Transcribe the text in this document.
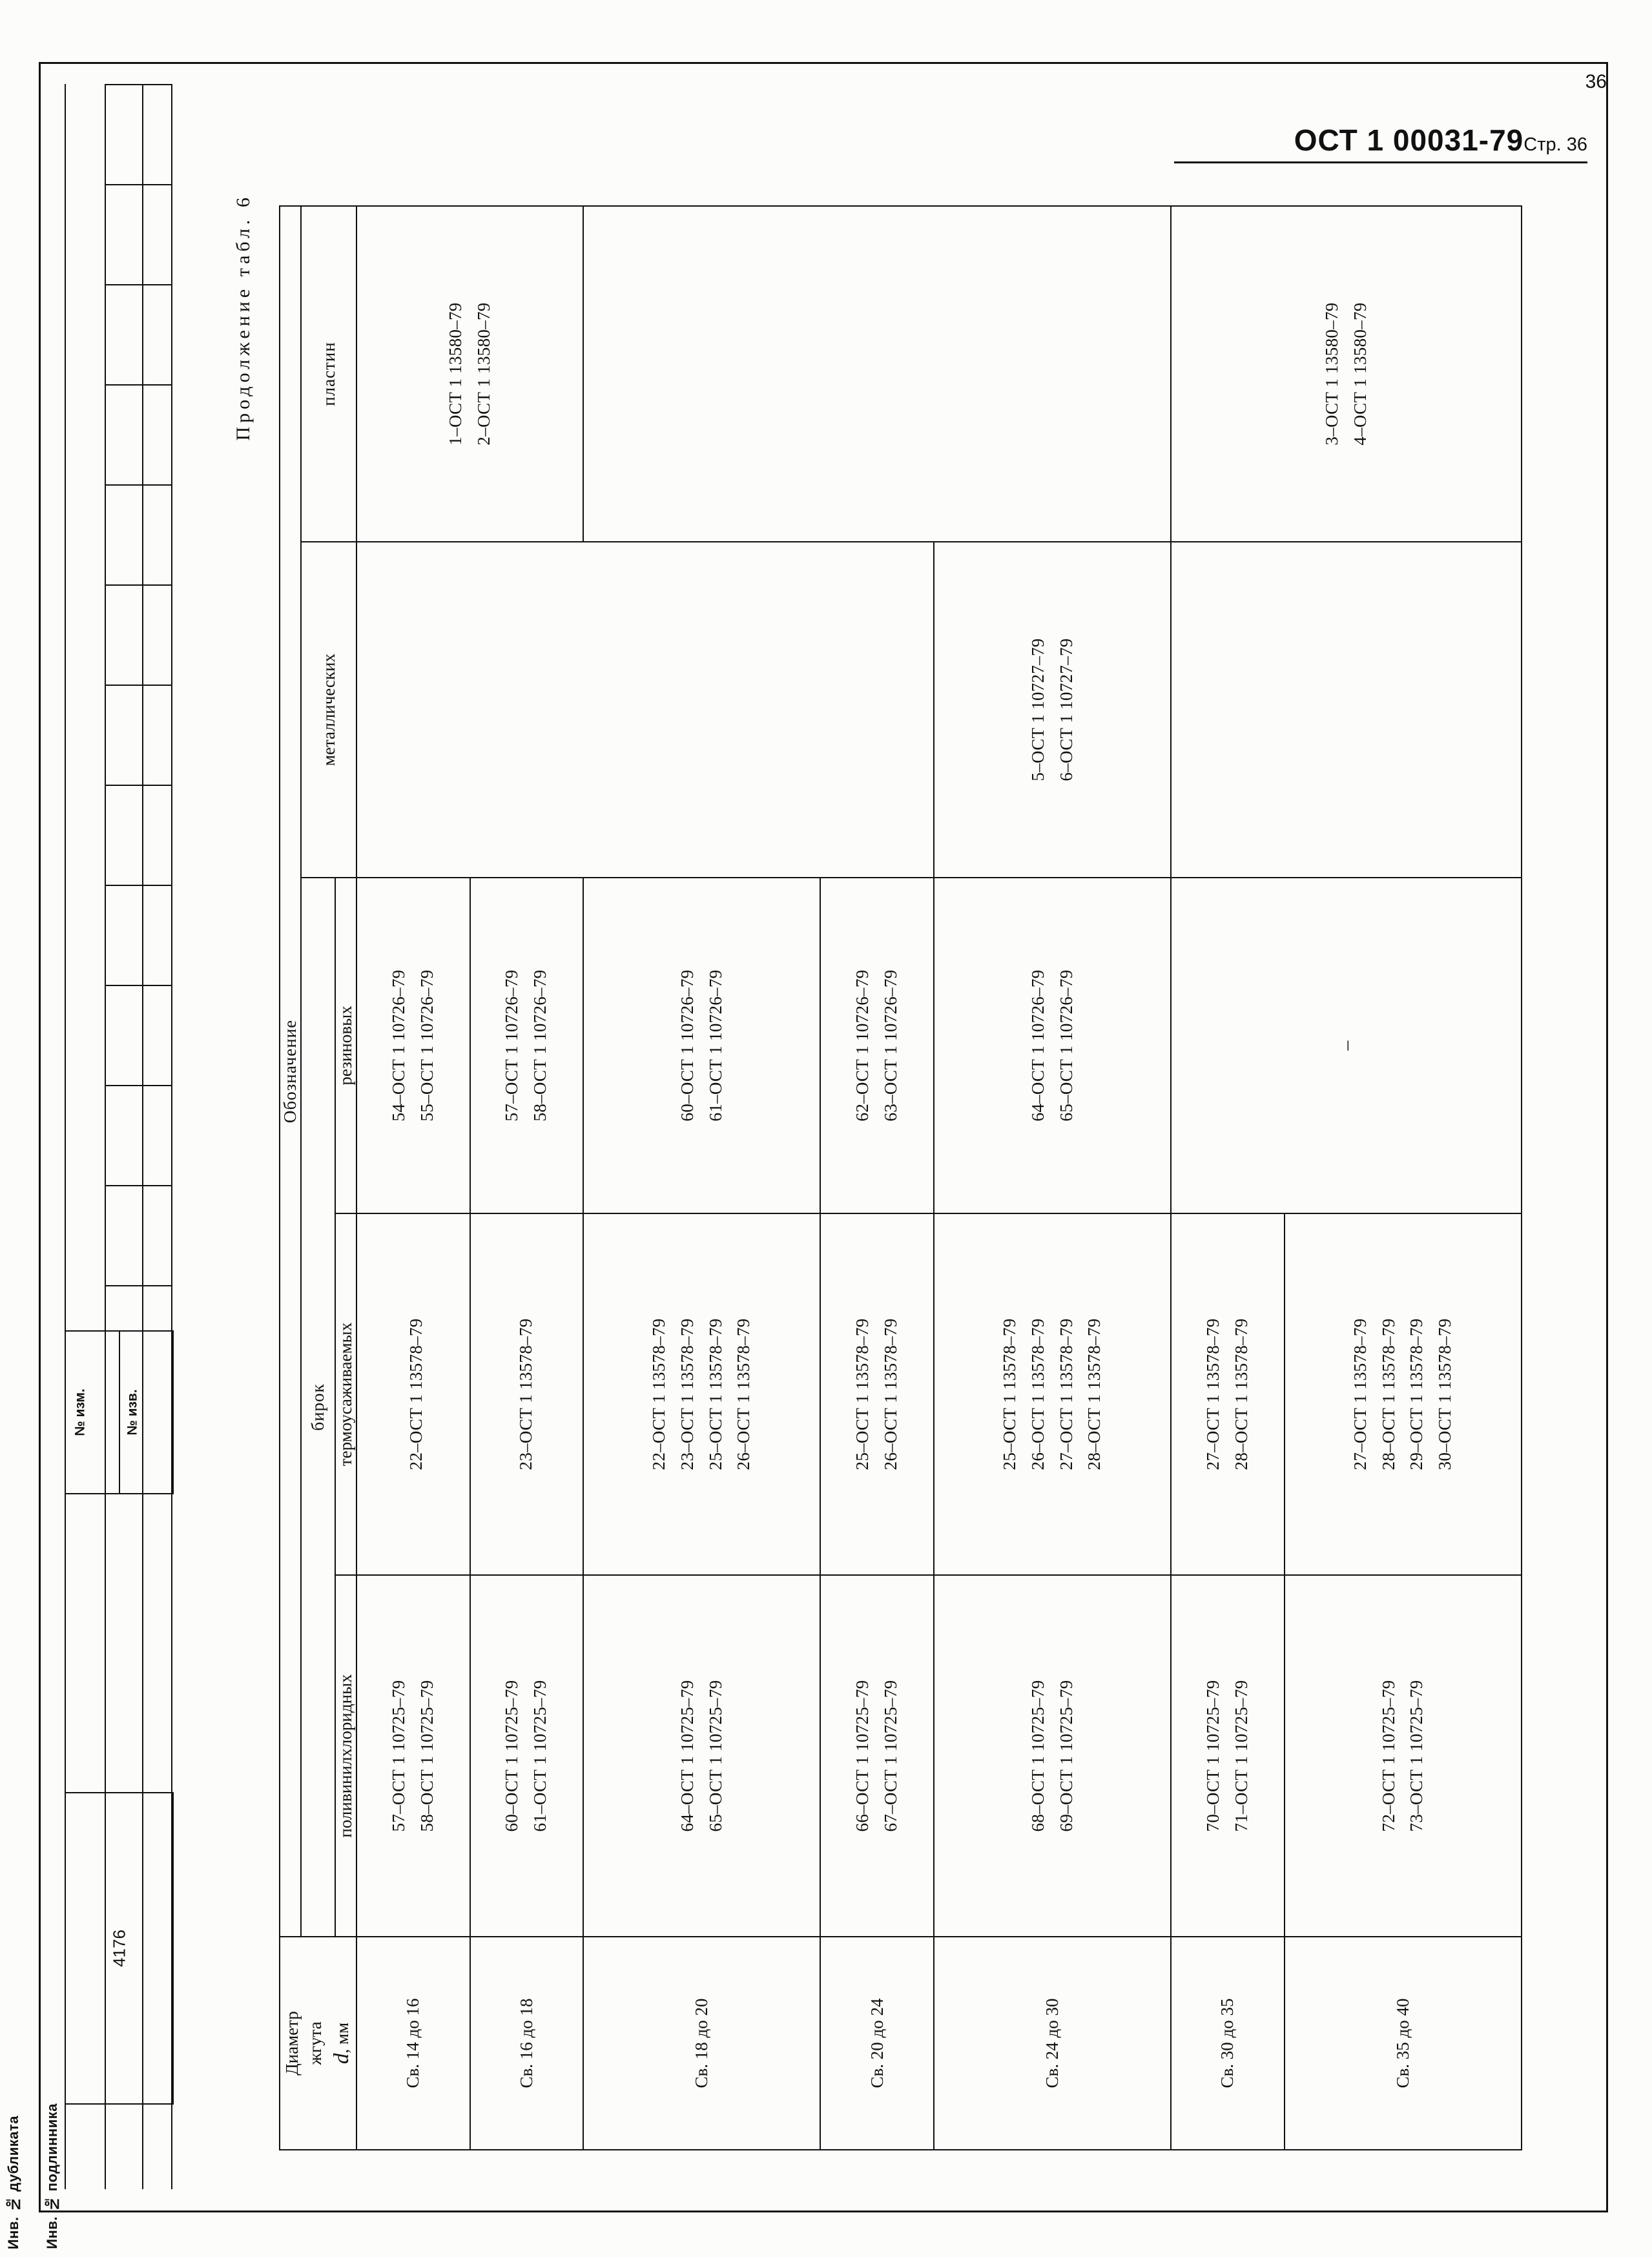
36
Инв. № дубликата Инв. № подлинника
4176
№ изм.	№ изв.
ОСТ 1 00031-79Стр. 36
Продолжение табл. 6
Диаметр жгута d, мм	Обозначение				
	бирок			металлических	пластин
	поливинилхлоридных	термоусаживаемых	резиновых		
Св. 14 до 16	57–ОСТ 1 10725–79 58–ОСТ 1 10725–79	22–ОСТ 1 13578–79	54–ОСТ 1 10726–79 55–ОСТ 1 10726–79		1–ОСТ 1 13580–79 2–ОСТ 1 13580–79

Св. 16 до 18	60–ОСТ 1 10725–79 61–ОСТ 1 10725–79	23–ОСТ 1 13578–79	57–ОСТ 1 10726–79 58–ОСТ 1 10726–79		

Св. 18 до 20	64–ОСТ 1 10725–79 65–ОСТ 1 10725–79	22–ОСТ 1 13578–79 23–ОСТ 1 13578–79 25–ОСТ 1 13578–79 26–ОСТ 1 13578–79	60–ОСТ 1 10726–79 61–ОСТ 1 10726–79		

Св. 20 до 24	66–ОСТ 1 10725–79 67–ОСТ 1 10725–79	25–ОСТ 1 13578–79 26–ОСТ 1 13578–79	62–ОСТ 1 10726–79 63–ОСТ 1 10726–79		

Св. 24 до 30	68–ОСТ 1 10725–79 69–ОСТ 1 10725–79	25–ОСТ 1 13578–79 26–ОСТ 1 13578–79 27–ОСТ 1 13578–79 28–ОСТ 1 13578–79	64–ОСТ 1 10726–79 65–ОСТ 1 10726–79	5–ОСТ 1 10727–79 6–ОСТ 1 10727–79	

Св. 30 до 35	70–ОСТ 1 10725–79 71–ОСТ 1 10725–79	27–ОСТ 1 13578–79 28–ОСТ 1 13578–79	–		3–ОСТ 1 13580–79 4–ОСТ 1 13580–79

Св. 35 до 40	72–ОСТ 1 10725–79 73–ОСТ 1 10725–79	27–ОСТ 1 13578–79 28–ОСТ 1 13578–79 29–ОСТ 1 13578–79 30–ОСТ 1 13578–79			
